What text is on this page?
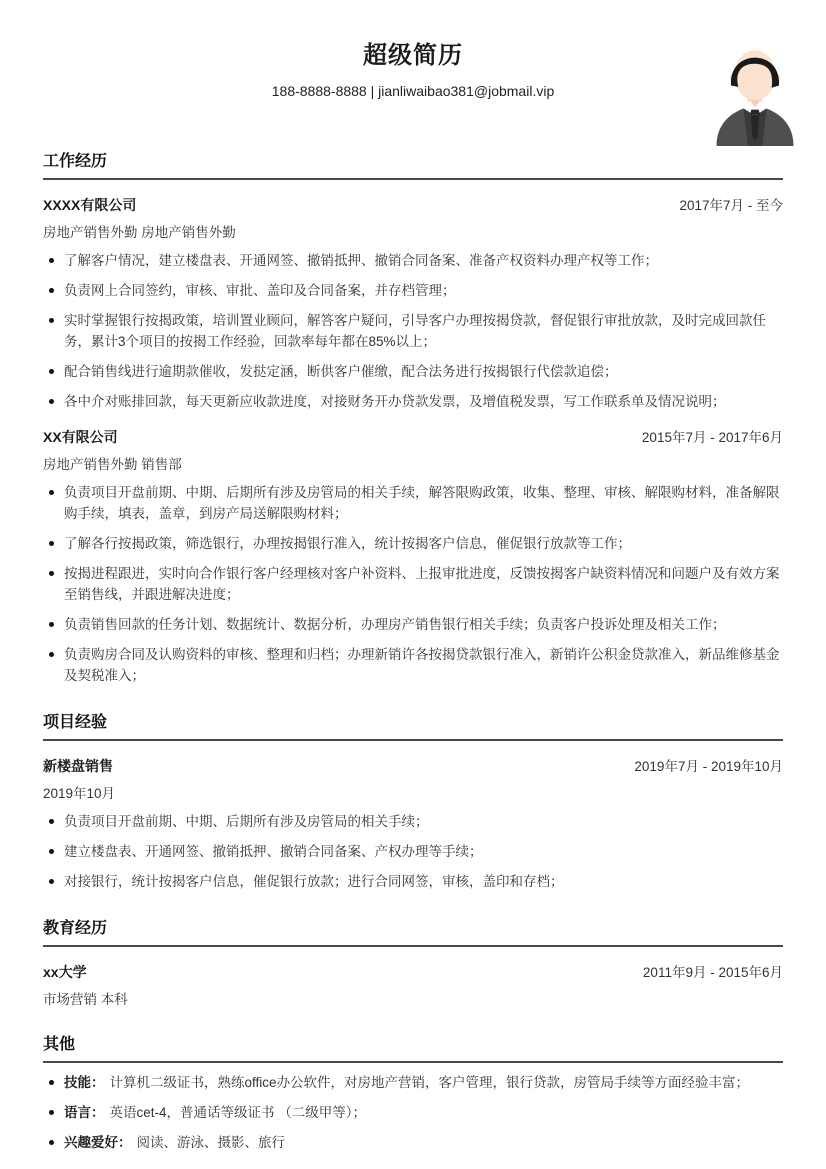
超级简历
188-8888-8888 | jianliwaibao381@jobmail.vip
工作经历
XXXX有限公司	2017年7月 - 至今
房地产销售外勤 房地产销售外勤
了解客户情况，建立楼盘表、开通网签、撤销抵押、撤销合同备案、准备产权资料办理产权等工作；
负责网上合同签约，审核、审批、盖印及合同备案，并存档管理；
实时掌握银行按揭政策，培训置业顾问，解答客户疑问，引导客户办理按揭贷款，督促银行审批放款，及时完成回款任务，累计3个项目的按揭工作经验，回款率每年都在85%以上；
配合销售线进行逾期款催收，发挞定涵，断供客户催缴，配合法务进行按揭银行代偿款追偿；
各中介对账排回款，每天更新应收款进度，对接财务开办贷款发票，及增值税发票，写工作联系单及情况说明；
XX有限公司	2015年7月 - 2017年6月
房地产销售外勤 销售部
负责项目开盘前期、中期、后期所有涉及房管局的相关手续，解答限购政策，收集、整理、审核、解限购材料，准备解限购手续，填表，盖章，到房产局送解限购材料；
了解各行按揭政策，筛选银行，办理按揭银行准入，统计按揭客户信息，催促银行放款等工作；
按揭进程跟进，实时向合作银行客户经理核对客户补资料、上报审批进度，反馈按揭客户缺资料情况和问题户及有效方案至销售线，并跟进解决进度；
负责销售回款的任务计划、数据统计、数据分析，办理房产销售银行相关手续；负责客户投诉处理及相关工作；
负责购房合同及认购资料的审核、整理和归档；办理新销许各按揭贷款银行准入，新销许公积金贷款准入，新品维修基金及契税准入；
项目经验
新楼盘销售	2019年7月 - 2019年10月
2019年10月
负责项目开盘前期、中期、后期所有涉及房管局的相关手续；
建立楼盘表、开通网签、撤销抵押、撤销合同备案、产权办理等手续；
对接银行，统计按揭客户信息，催促银行放款；进行合同网签，审核，盖印和存档；
教育经历
xx大学	2011年9月 - 2015年6月
市场营销 本科
其他
技能： 计算机二级证书，熟练office办公软件，对房地产营销，客户管理，银行贷款，房管局手续等方面经验丰富；
语言： 英语cet-4，普通话等级证书 （二级甲等）；
兴趣爱好： 阅读、游泳、摄影、旅行
